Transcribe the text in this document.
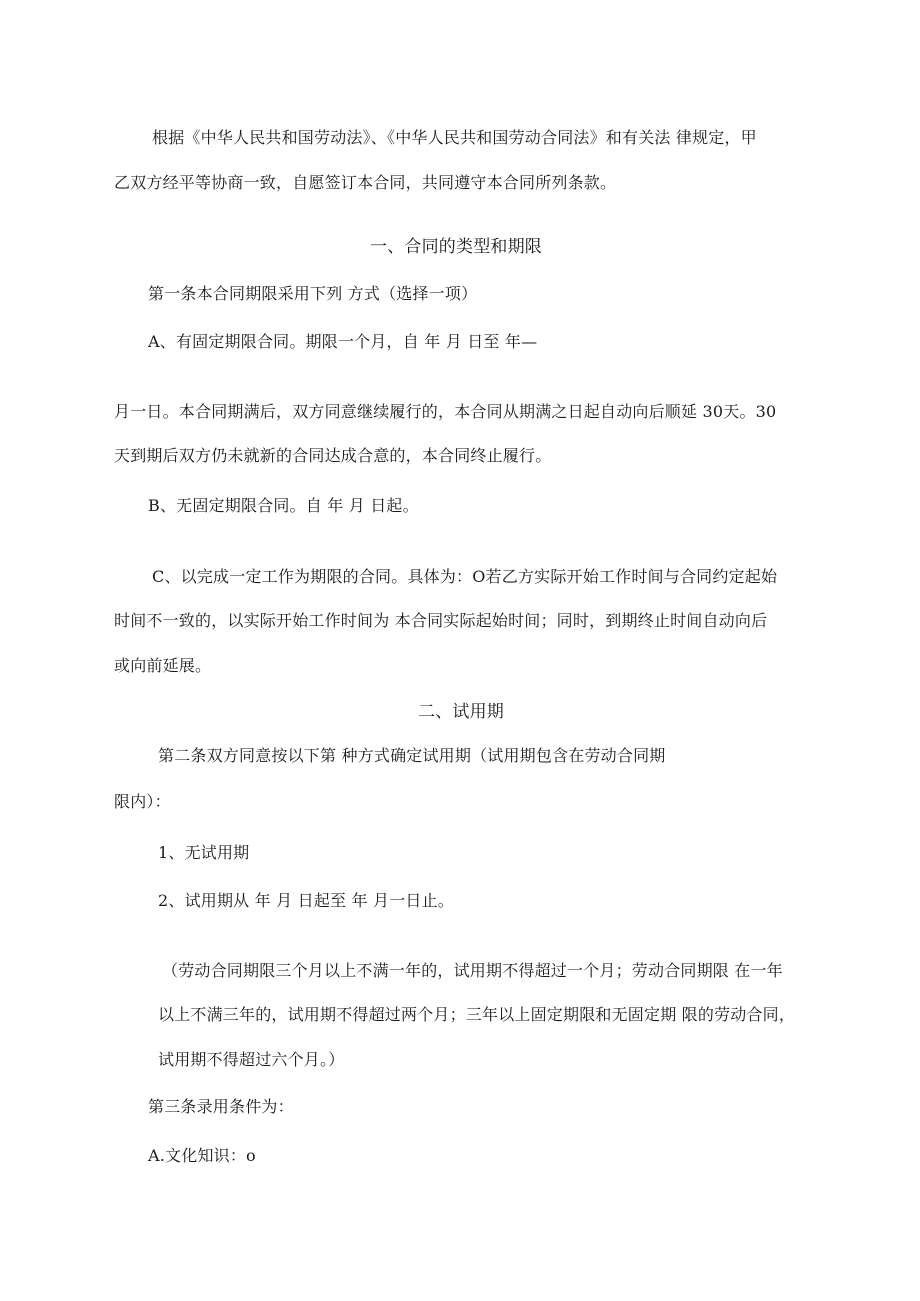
根据《中华人民共和国劳动法》、《中华人民共和国劳动合同法》和有关法 律规定，甲
乙双方经平等协商一致，自愿签订本合同，共同遵守本合同所列条款。
一、合同的类型和期限
第一条本合同期限采用下列 方式（选择一项）
A、有固定期限合同。期限一个月，自 年 月 日至 年—
月一日。本合同期满后，双方同意继续履行的，本合同从期满之日起自动向后顺延 30天。30
天到期后双方仍未就新的合同达成合意的，本合同终止履行。
B、无固定期限合同。自 年 月 日起。
C、以完成一定工作为期限的合同。具体为：O若乙方实际开始工作时间与合同约定起始
时间不一致的，以实际开始工作时间为 本合同实际起始时间；同时，到期终止时间自动向后
或向前延展。
二、试用期
第二条双方同意按以下第 种方式确定试用期（试用期包含在劳动合同期
限内）：
1、无试用期
2、试用期从 年 月 日起至 年 月一日止。
（劳动合同期限三个月以上不满一年的，试用期不得超过一个月；劳动合同期限 在一年
以上不满三年的，试用期不得超过两个月；三年以上固定期限和无固定期 限的劳动合同，
试用期不得超过六个月。）
第三条录用条件为：
A.文化知识：o
